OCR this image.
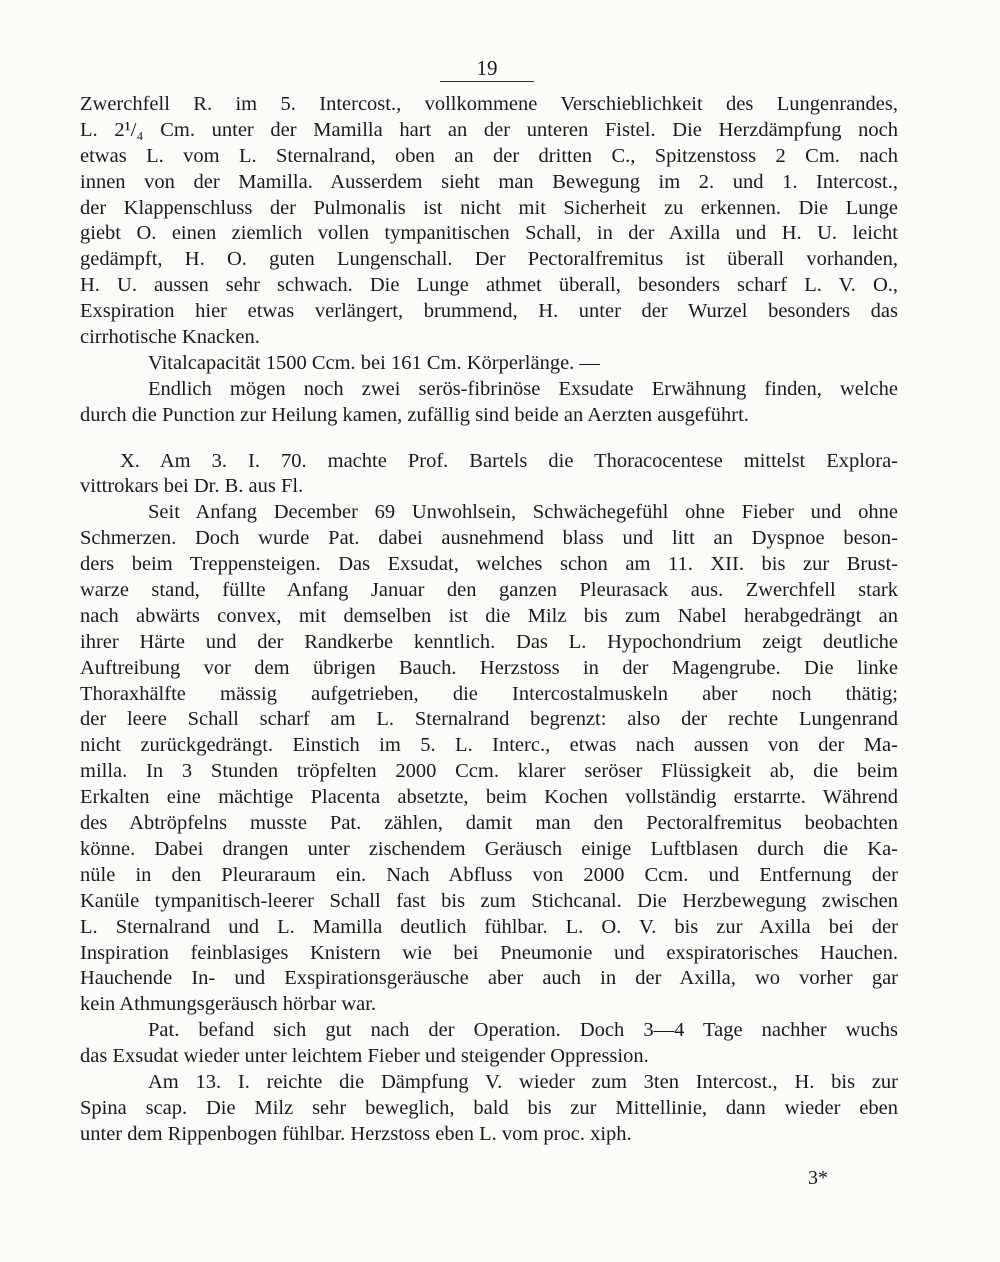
19
Zwerchfell R. im 5. Intercost., vollkommene Verschieblichkeit des Lungenrandes,
L. 2¹/₄ Cm. unter der Mamilla hart an der unteren Fistel. Die Herzdämpfung noch
etwas L. vom L. Sternalrand, oben an der dritten C., Spitzenstoss 2 Cm. nach
innen von der Mamilla. Ausserdem sieht man Bewegung im 2. und 1. Intercost.,
der Klappenschluss der Pulmonalis ist nicht mit Sicherheit zu erkennen. Die Lunge
giebt O. einen ziemlich vollen tympanitischen Schall, in der Axilla und H. U. leicht
gedämpft, H. O. guten Lungenschall. Der Pectoralfremitus ist überall vorhanden,
H. U. aussen sehr schwach. Die Lunge athmet überall, besonders scharf L. V. O.,
Exspiration hier etwas verlängert, brummend, H. unter der Wurzel besonders das
cirrhotische Knacken.
Vitalcapacität 1500 Ccm. bei 161 Cm. Körperlänge. —
Endlich mögen noch zwei serös-fibrinöse Exsudate Erwähnung finden, welche
durch die Punction zur Heilung kamen, zufällig sind beide an Aerzten ausgeführt.
X. Am 3. I. 70. machte Prof. Bartels die Thoracocentese mittelst Explora-
vittrokars bei Dr. B. aus Fl.
Seit Anfang December 69 Unwohlsein, Schwächegefühl ohne Fieber und ohne
Schmerzen. Doch wurde Pat. dabei ausnehmend blass und litt an Dyspnoe beson-
ders beim Treppensteigen. Das Exsudat, welches schon am 11. XII. bis zur Brust-
warze stand, füllte Anfang Januar den ganzen Pleurasack aus. Zwerchfell stark
nach abwärts convex, mit demselben ist die Milz bis zum Nabel herabgedrängt an
ihrer Härte und der Randkerbe kenntlich. Das L. Hypochondrium zeigt deutliche
Auftreibung vor dem übrigen Bauch. Herzstoss in der Magengrube. Die linke
Thoraxhälfte mässig aufgetrieben, die Intercostalmuskeln aber noch thätig;
der leere Schall scharf am L. Sternalrand begrenzt: also der rechte Lungenrand
nicht zurückgedrängt. Einstich im 5. L. Interc., etwas nach aussen von der Ma-
milla. In 3 Stunden tröpfelten 2000 Ccm. klarer seröser Flüssigkeit ab, die beim
Erkalten eine mächtige Placenta absetzte, beim Kochen vollständig erstarrte. Während
des Abtröpfelns musste Pat. zählen, damit man den Pectoralfremitus beobachten
könne. Dabei drangen unter zischendem Geräusch einige Luftblasen durch die Ka-
nüle in den Pleuraraum ein. Nach Abfluss von 2000 Ccm. und Entfernung der
Kanüle tympanitisch-leerer Schall fast bis zum Stichcanal. Die Herzbewegung zwischen
L. Sternalrand und L. Mamilla deutlich fühlbar. L. O. V. bis zur Axilla bei der
Inspiration feinblasiges Knistern wie bei Pneumonie und exspiratorisches Hauchen.
Hauchende In- und Exspirationsgeräusche aber auch in der Axilla, wo vorher gar
kein Athmungsgeräusch hörbar war.
Pat. befand sich gut nach der Operation. Doch 3—4 Tage nachher wuchs
das Exsudat wieder unter leichtem Fieber und steigender Oppression.
Am 13. I. reichte die Dämpfung V. wieder zum 3ten Intercost., H. bis zur
Spina scap. Die Milz sehr beweglich, bald bis zur Mittellinie, dann wieder eben
unter dem Rippenbogen fühlbar. Herzstoss eben L. vom proc. xiph.
3*
